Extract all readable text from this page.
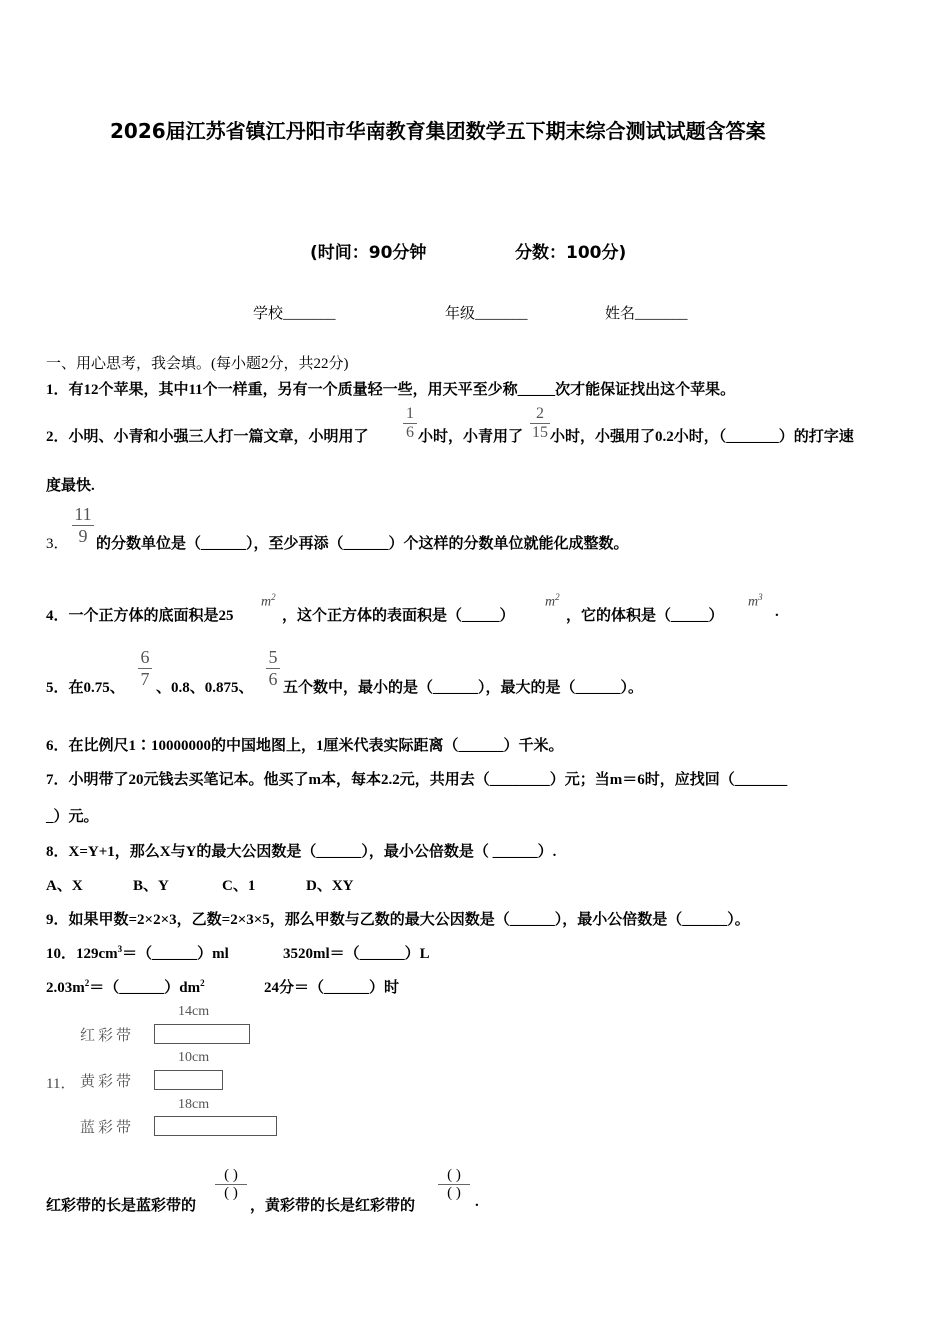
2026届江苏省镇江丹阳市华南教育集团数学五下期末综合测试试题含答案
(时间：90分钟	分数：100分)
学校_______	年级_______	姓名_______
一、用心思考，我会填。(每小题2分，共22分)
1．有12个苹果，其中11个一样重，另有一个质量轻一些，用天平至少称_____次才能保证找出这个苹果。
2．小明、小青和小强三人打一篇文章，小明用了 $\frac{1}{6}$ 小时，小青用了 $\frac{2}{15}$ 小时，小强用了0.2小时，（_______）的打字速
度最快.
3． $\frac{11}{9}$ 的分数单位是（______），至少再添（______）个这样的分数单位就能化成整数。
4．一个正方体的底面积是25
$m^2$
，这个正方体的表面积是（_____）
$m^2$
，它的体积是（_____）
$m^3$
.
5．在0.75、 $\frac{6}{7}$ 、0.8、0.875、 $\frac{5}{6}$ 五个数中，最小的是（______），最大的是（______）。
6．在比例尺1∶10000000的中国地图上，1厘米代表实际距离（______）千米。
7．小明带了20元钱去买笔记本。他买了m本，每本2.2元，共用去（________）元；当m＝6时，应找回（_______
_）元。
8．X=Y+1，那么X与Y的最大公因数是（______），最小公倍数是（ ______）.
A、X	B、Y	C、1	D、XY
9．如果甲数=2×2×3，乙数=2×3×5，那么甲数与乙数的最大公因数是（______），最小公倍数是（______）。
10．$129cm^3=(\_\_\_\_\_\_)ml$	3520ml＝（______）L
$2.03m^2=(\_\_\_\_\_\_)dm^2$	24分＝（______）时
11．
14cm
红彩带
10cm
黄彩带
18cm
蓝彩带
红彩带的长是蓝彩带的
( )
( )
，黄彩带的长是红彩带的
( )
( )
.
